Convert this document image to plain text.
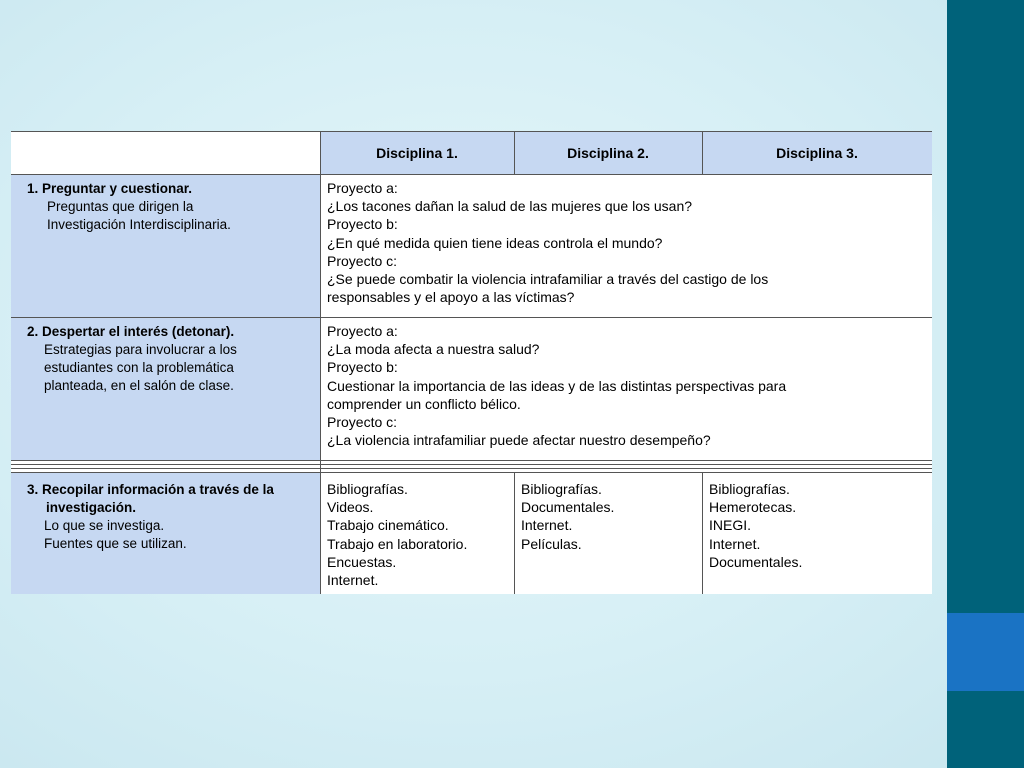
Disciplina 1.	Disciplina 2.	Disciplina 3.
1. Preguntar y cuestionar.
Preguntas que dirigen la
Investigación Interdisciplinaria.
Proyecto a:
¿Los tacones dañan la salud de las mujeres que los usan?
Proyecto b:
¿En qué medida quien tiene ideas controla el mundo?
Proyecto c:
¿Se puede combatir la violencia intrafamiliar a través del castigo de los
responsables y el apoyo a las víctimas?
2. Despertar el interés (detonar).
Estrategias para involucrar a los
estudiantes con la problemática
planteada, en el salón de clase.
Proyecto a:
¿La moda afecta a nuestra salud?
Proyecto b:
Cuestionar la importancia de las ideas y de las distintas perspectivas para
comprender un conflicto bélico.
Proyecto c:
¿La violencia intrafamiliar puede afectar nuestro desempeño?
3. Recopilar información a través de la
investigación.
Lo que se investiga.
Fuentes que se utilizan.
Bibliografías.
Videos.
Trabajo cinemático.
Trabajo en laboratorio.
Encuestas.
Internet.
Bibliografías.
Documentales.
Internet.
Películas.
Bibliografías.
Hemerotecas.
INEGI.
Internet.
Documentales.
